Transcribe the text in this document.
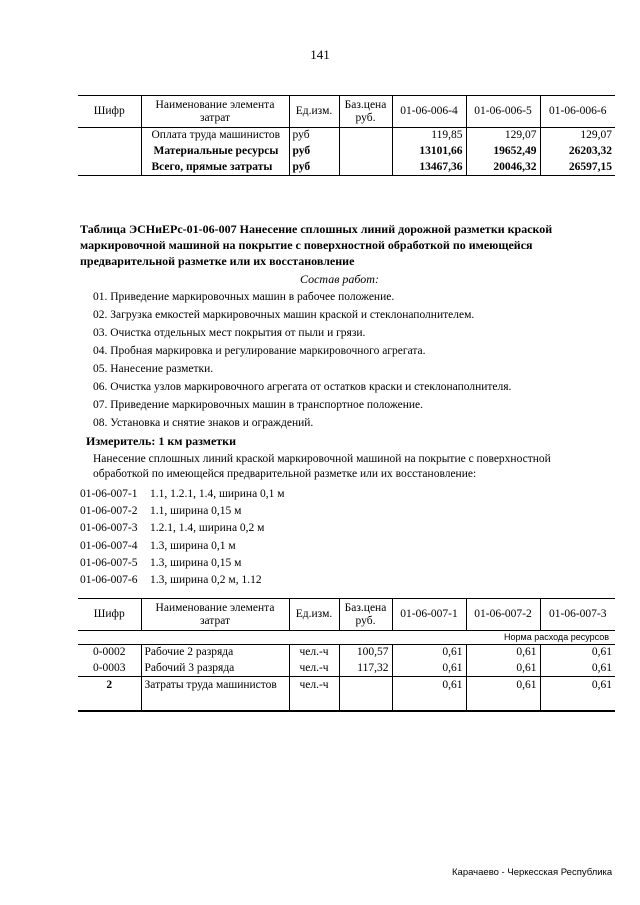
141
Шифр	Наименование элемента затрат	Ед.изм.	Баз.цена руб.	01-06-006-4	01-06-006-5	01-06-006-6
	Оплата труда машинистов	руб		119,85	129,07	129,07
	Материальные ресурсы	руб		13101,66	19652,49	26203,32
	Всего, прямые затраты	руб		13467,36	20046,32	26597,15
Таблица ЭСНиЕРс-01-06-007 Нанесение сплошных линий дорожной разметки краской
маркировочной машиной на покрытие с поверхностной обработкой по имеющейся
предварительной разметке или их восстановление
Состав работ:
01. Приведение маркировочных машин в рабочее положение.
02. Загрузка емкостей маркировочных машин краской и стеклонаполнителем.
03. Очистка отдельных мест покрытия от пыли и грязи.
04. Пробная маркировка и регулирование маркировочного агрегата.
05. Нанесение разметки.
06. Очистка узлов маркировочного агрегата от остатков краски и стеклонаполнителя.
07. Приведение маркировочных машин в транспортное положение.
08. Установка и снятие знаков и ограждений.
Измеритель: 1 км разметки
Нанесение сплошных линий краской маркировочной машиной на покрытие с поверхностной
обработкой по имеющейся предварительной разметке или их восстановление:
01-06-007-1 1.1, 1.2.1, 1.4, ширина 0,1 м
01-06-007-2 1.1, ширина 0,15 м
01-06-007-3 1.2.1, 1.4, ширина 0,2 м
01-06-007-4 1.3, ширина 0,1 м
01-06-007-5 1.3, ширина 0,15 м
01-06-007-6 1.3, ширина 0,2 м, 1.12
Шифр	Наименование элемента затрат	Ед.изм.	Баз.цена руб.	01-06-007-1	01-06-007-2	01-06-007-3
Норма расхода ресурсов						
0-0002	Рабочие 2 разряда	чел.-ч	100,57	0,61	0,61	0,61
0-0003	Рабочий 3 разряда	чел.-ч	117,32	0,61	0,61	0,61
2	Затраты труда машинистов	чел.-ч		0,61	0,61	0,61
Карачаево - Черкесская Республика
